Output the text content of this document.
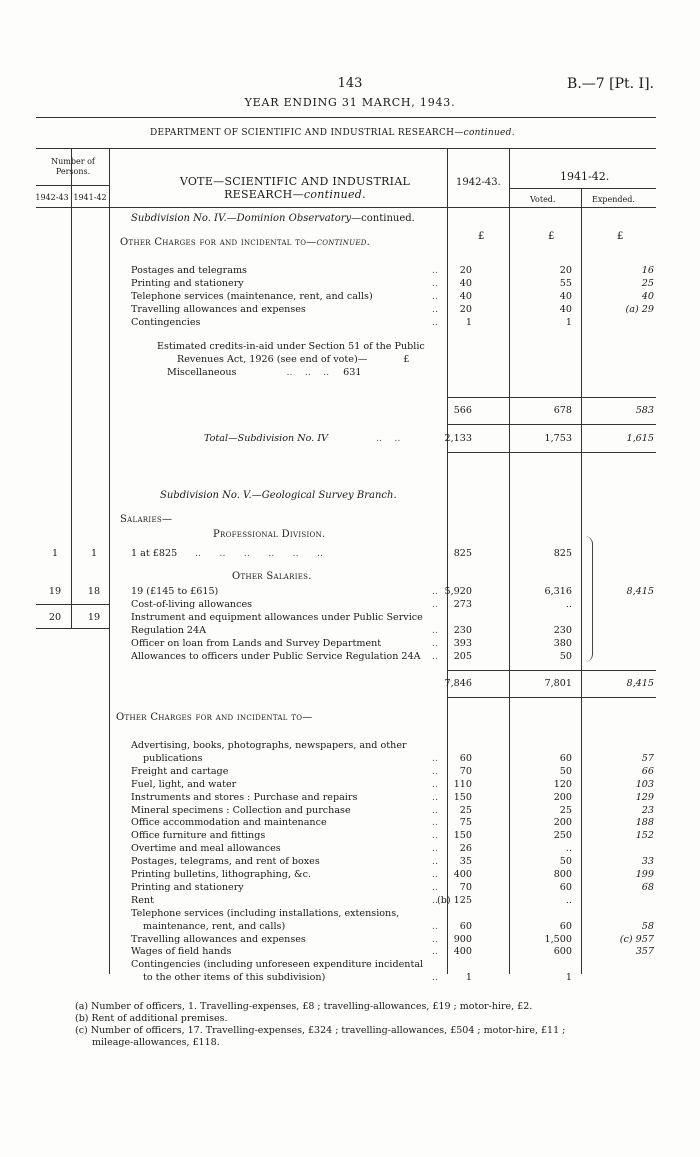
143	B.—7 [Pt. I].
YEAR ENDING 31 MARCH, 1943.
DEPARTMENT OF SCIENTIFIC AND INDUSTRIAL RESEARCH—continued.
Number of Persons.
1942-43 1941-42
VOTE—SCIENTIFIC AND INDUSTRIAL
RESEARCH—continued.
1942-43.	1941-42.
Voted.	Expended.
Subdivision No. IV.—Dominion Observatory—continued.
Other Charges for and incidental to—continued.
£	£	£
Postages and telegrams	.. 20	20	16
Printing and stationery	.. 40	55	25
Telephone services (maintenance, rent, and calls)	.. 40	40	40
Travelling allowances and expenses	.. 20	40	(a) 29
Contingencies	..	1	1
Estimated credits-in-aid under Section 51 of the Public
Revenues Act, 1926 (see end of vote)—	£
Miscellaneous	..    ..    .. 631
566	678	583
Total—Subdivision No. IV	..    ..	2,133	1,753	1,615
Subdivision No. V.—Geological Survey Branch.
Salaries—
Professional Division.
1	1	1 at £825 ..      ..      ..      ..      ..      ..	825	825
Other Salaries.
19	18	19 (£145 to £615)	.. 5,920	6,316	8,415
Cost-of-living allowances	.. 273	..
20	19	Instrument and equipment allowances under Public Service
Regulation 24A	.. 230	230
Officer on loan from Lands and Survey Department	.. 393	380
Allowances to officers under Public Service Regulation 24A .. 205	50
7,846	7,801	8,415
Other Charges for and incidental to—
Advertising, books, photographs, newspapers, and other
publications	.. 60	60	57
Freight and cartage	.. 70	50	66
Fuel, light, and water	.. 110	120	103
Instruments and stores : Purchase and repairs	.. 150	200	129
Mineral specimens : Collection and purchase	.. 25	25	23
Office accommodation and maintenance	.. 75	200	188
Office furniture and fittings	.. 150	250	152
Overtime and meal allowances	.. 26	..
Postages, telegrams, and rent of boxes	.. 35	50	33
Printing bulletins, lithographing, &c.	.. 400	800	199
Printing and stationery	.. 70	60	68
Rent	.. (b) 125	..
Telephone services (including installations, extensions,
maintenance, rent, and calls)	.. 60	60	58
Travelling allowances and expenses	.. 900	1,500	(c) 957
Wages of field hands	.. 400	600	357
Contingencies (including unforeseen expenditure incidental
to the other items of this subdivision)	..	1	1
(a) Number of officers, 1. Travelling-expenses, £8 ; travelling-allowances, £19 ; motor-hire, £2.
(b) Rent of additional premises.
(c) Number of officers, 17. Travelling-expenses, £324 ; travelling-allowances, £504 ; motor-hire, £11 ;
mileage-allowances, £118.
